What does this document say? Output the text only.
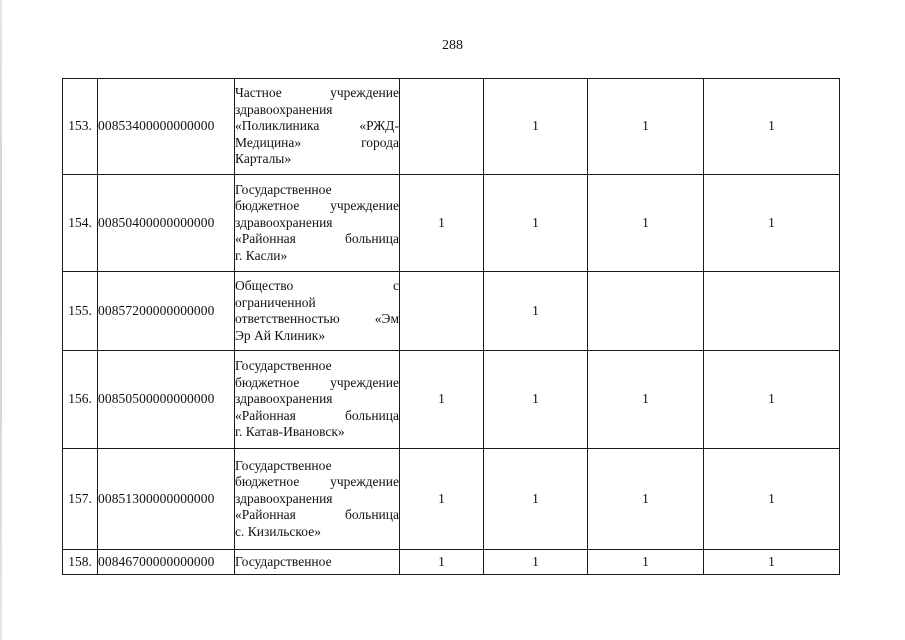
288
153.	00853400000000000	Частное учреждение
здравоохранения
«Поликлиника «РЖД-
Медицина» города
Карталы»		1	1	1
154.	00850400000000000	Государственное
бюджетное учреждение
здравоохранения
«Районная больница
г. Касли»	1	1	1	1
155.	00857200000000000	Общество с
ограниченной
ответственностью «Эм
Эр Ай Клиник»		1		
156.	00850500000000000	Государственное
бюджетное учреждение
здравоохранения
«Районная больница
г. Катав-Ивановск»	1	1	1	1
157.	00851300000000000	Государственное
бюджетное учреждение
здравоохранения
«Районная больница
с. Кизильское»	1	1	1	1
158.	00846700000000000	Государственное	1	1	1	1
